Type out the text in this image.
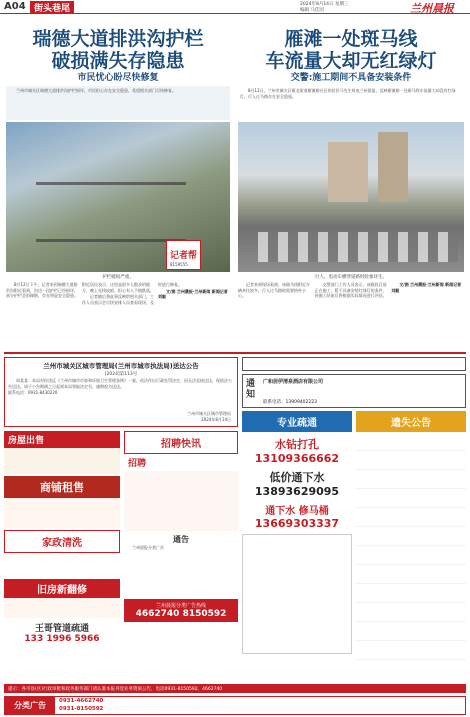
A04 街头巷尾	2024年8月14日 星期三
编辑 马佳因	兰州晨报
瑞德大道排洪沟护栏
破损满失存隐患
市民忧心盼尽快修复

兰州市城关区瑞德大道排洪沟护栏损坏，市民担心存在安全隐患，希望相关部门尽快修复。

记者帮
8159555
护栏破损严重。

8月12日下午，记者来到瑞德大道排洪沟附近看到，沟边一段护栏已经损坏，部分护栏歪斜倾倒，存在明显安全隐患。附近居民表示，这里是很多人散步的地方，晚上光线较暗，担心有人不慎跌落。

记者随后将此事反映给相关部门，工作人员表示会尽快安排人员查看现场，及时进行修复。

文/图 兰州晨报·兰州新闻 新闻记者 刘毅

雁滩一处斑马线
车流量大却无红绿灯
交警:施工期间不具备安装条件

8月12日，兰州市城关区雁北街道雁滩路社区的居民马先生致电兰州晨报，反映雁滩路一处斑马线车流量大却没有红绿灯，行人过马路存在安全隐患。

行人、电动车横穿道路时险象环生。

记者来到现场看到，该斑马线附近车辆来往较多，行人过马路时需要格外小心。

交警部门工作人员表示，该路段目前正在施工，暂不具备安装红绿灯的条件，待施工结束后将根据实际情况进行评估。

文/图 兰州晨报·兰州新闻 新闻记者 刘毅

兰州市城关区城市管理局(兰州市城市执法局)送达公告
[2024]第113号

周某某：本局对你违反《兰州市城市市容和环境卫生管理条例》一案，依法作出行政处罚决定，因无法直接送达，现依法公告送达。请于公告期满之日起到本局领取决定书，逾期视为送达。

联系电话：0931-8430220
兰州市城关区城市管理局
2024年8月14日
房屋出售
商铺租售
家政清洗
旧房新翻修
王哥管道疏通
133 1996 5966
招聘快讯
招聘
通告

兰州晨报分类广告

兰州晨报分类广告热线
4662740 8150592
通知
广和居伊清泉酒店有限公司
联系电话：13909402223
专业疏通
水钻打孔
13109366662
低价通下水
13893629095
通下水 修马桶
13669303337
遗失公告
提示：各市县(区)行政审批和政务服务部门请认准本报刊登业务资质公告，电话0931-8150592、4662740
分类广告	0931-4662740
0931-8150592
